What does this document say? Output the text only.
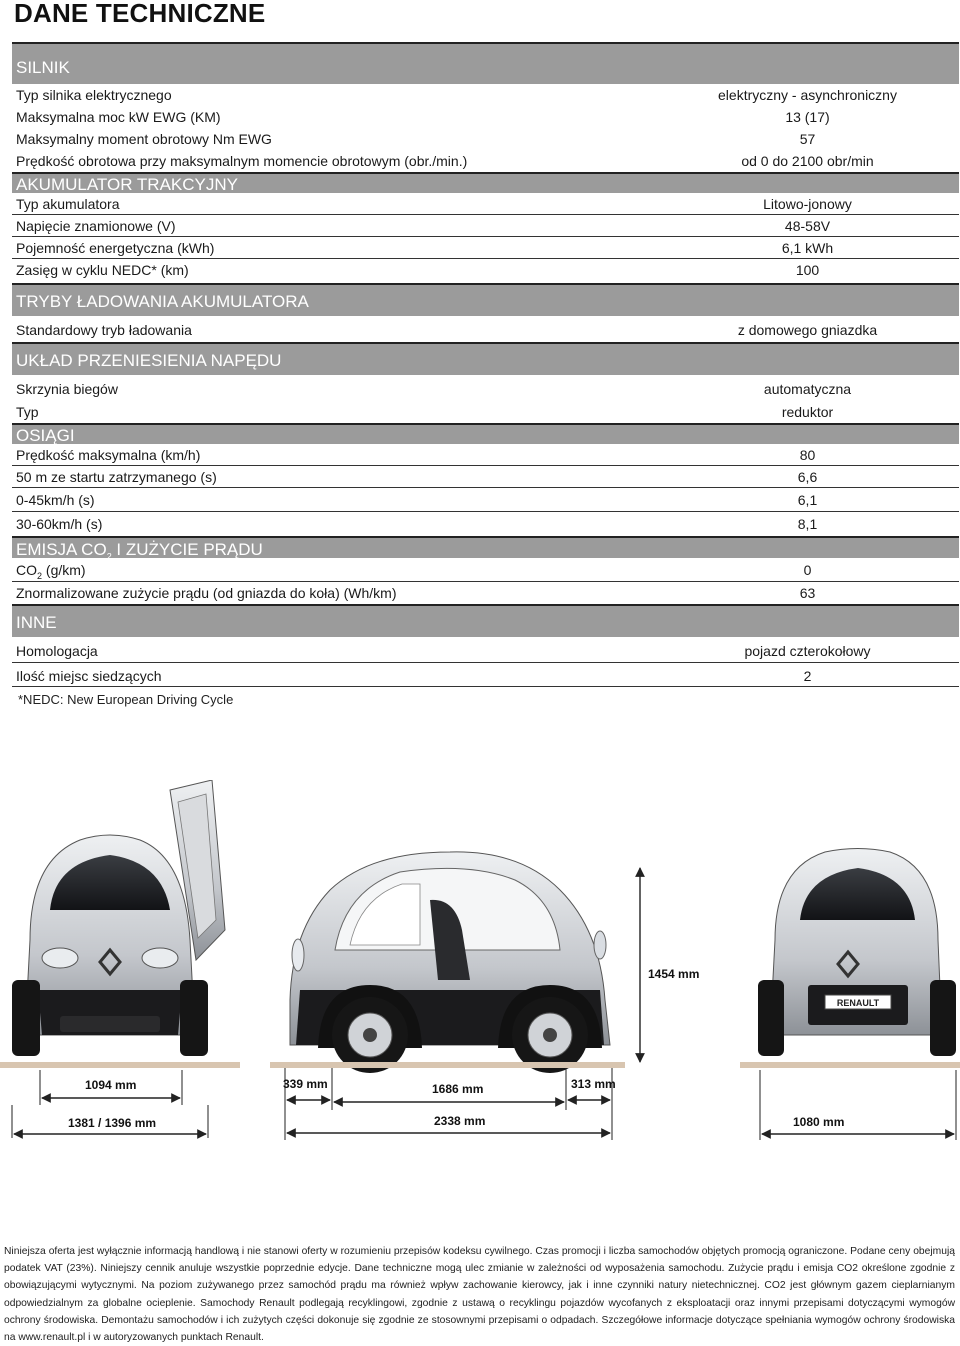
DANE TECHNICZNE
SILNIK
Typ silnika elektrycznego	elektryczny - asynchroniczny
Maksymalna moc kW EWG (KM)	13 (17)
Maksymalny moment obrotowy Nm EWG	57
Prędkość obrotowa przy maksymalnym momencie obrotowym (obr./min.)	od 0 do 2100 obr/min
AKUMULATOR TRAKCYJNY
Typ akumulatora	Litowo-jonowy
Napięcie znamionowe (V)	48-58V
Pojemność energetyczna (kWh)	6,1 kWh
Zasięg w cyklu NEDC* (km)	100
TRYBY ŁADOWANIA AKUMULATORA
Standardowy tryb ładowania	z domowego gniazdka
UKŁAD PRZENIESIENIA NAPĘDU
Skrzynia biegów	automatyczna
Typ	reduktor
OSIĄGI
Prędkość maksymalna (km/h)	80
50 m ze startu zatrzymanego (s)	6,6
0-45km/h (s)	6,1
30-60km/h (s)	8,1
EMISJA $CO_2$ I ZUŻYCIE PRĄDU
$CO_2$ (g/km)	0
Znormalizowane zużycie prądu (od gniazda do koła) (Wh/km)	63
INNE
Homologacja	pojazd czterokołowy
Ilość miejsc siedzących	2
*NEDC: New European Driving Cycle
RENAULT
1454 mm
1094 mm
1381 / 1396 mm
339 mm	1686 mm	313 mm
2338 mm	1080 mm
Niniejsza oferta jest wyłącznie informacją handlową i nie stanowi oferty w rozumieniu przepisów kodeksu cywilnego. Czas promocji i liczba samochodów objętych promocją ograniczone. Podane ceny obejmują podatek VAT (23%). Niniejszy cennik anuluje wszystkie poprzednie edycje. Dane techniczne mogą ulec zmianie w zależności od wyposażenia samochodu. Zużycie prądu i emisja CO2 określone zgodnie z obowiązującymi wytycznymi. Na poziom zużywanego przez samochód prądu ma również wpływ zachowanie kierowcy, jak i inne czynniki natury nietechnicznej. CO2 jest głównym gazem cieplarnianym odpowiedzialnym za globalne ocieplenie. Samochody Renault podlegają recyklingowi, zgodnie z ustawą o recyklingu pojazdów wycofanych z eksploatacji oraz innymi przepisami dotyczącymi wymogów ochrony środowiska. Demontażu samochodów i ich zużytych części dokonuje się zgodnie ze stosownymi przepisami o odpadach. Szczegółowe informacje dotyczące spełniania wymogów ochrony środowiska na www.renault.pl i w autoryzowanych punktach Renault.
